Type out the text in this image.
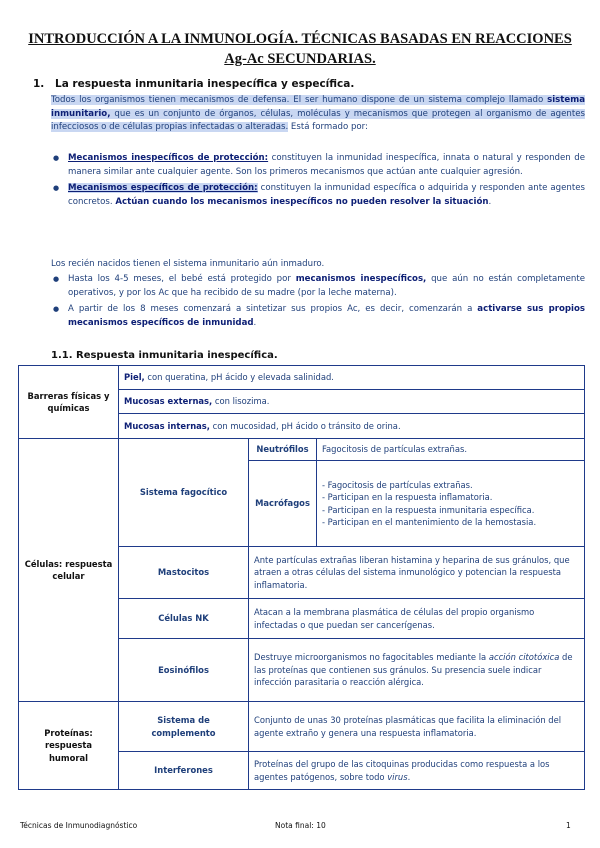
INTRODUCCIÓN A LA INMUNOLOGÍA. TÉCNICAS BASADAS EN REACCIONES Ag-Ac SECUNDARIAS.
1. La respuesta inmunitaria inespecífica y específica.
Todos los organismos tienen mecanismos de defensa. El ser humano dispone de un sistema complejo llamado sistema inmunitario, que es un conjunto de órganos, células, moléculas y mecanismos que protegen al organismo de agentes infecciosos o de células propias infectadas o alteradas. Está formado por:
● Mecanismos inespecíficos de protección: constituyen la inmunidad inespecífica, innata o natural y responden de manera similar ante cualquier agente. Son los primeros mecanismos que actúan ante cualquier agresión.
● Mecanismos específicos de protección: constituyen la inmunidad específica o adquirida y responden ante agentes concretos. Actúan cuando los mecanismos inespecíficos no pueden resolver la situación.
Los recién nacidos tienen el sistema inmunitario aún inmaduro.
● Hasta los 4-5 meses, el bebé está protegido por mecanismos inespecíficos, que aún no están completamente operativos, y por los Ac que ha recibido de su madre (por la leche materna).
● A partir de los 8 meses comenzará a sintetizar sus propios Ac, es decir, comenzarán a activarse sus propios mecanismos específicos de inmunidad.
1.1. Respuesta inmunitaria inespecífica.
Barreras físicas y químicas	Piel, con queratina, pH ácido y elevada salinidad.		
	Mucosas externas, con lisozima.		
	Mucosas internas, con mucosidad, pH ácido o tránsito de orina.		
Células: respuesta celular	Sistema fagocítico	Neutrófilos	Fagocitosis de partículas extrañas.
		Macrófagos	- Fagocitosis de partículas extrañas.
- Participan en la respuesta inflamatoria.
- Participan en la respuesta inmunitaria específica.
- Participan en el mantenimiento de la hemostasia.

	Mastocitos	Ante partículas extrañas liberan histamina y heparina de sus gránulos, que atraen a otras células del sistema inmunológico y potencian la respuesta inflamatoria.	
	Células NK	Atacan a la membrana plasmática de células del propio organismo infectadas o que puedan ser cancerígenas.	
	Eosinófilos	Destruye microorganismos no fagocitables mediante la acción citotóxica de las proteínas que contienen sus gránulos. Su presencia suele indicar infección parasitaria o reacción alérgica.	
Proteínas: respuesta humoral	Sistema de complemento	Conjunto de unas 30 proteínas plasmáticas que facilita la eliminación del agente extraño y genera una respuesta inflamatoria.	
	Interferones	Proteínas del grupo de las citoquinas producidas como respuesta a los agentes patógenos, sobre todo virus.	
Técnicas de Inmunodiagnóstico	Nota final: 10	1
